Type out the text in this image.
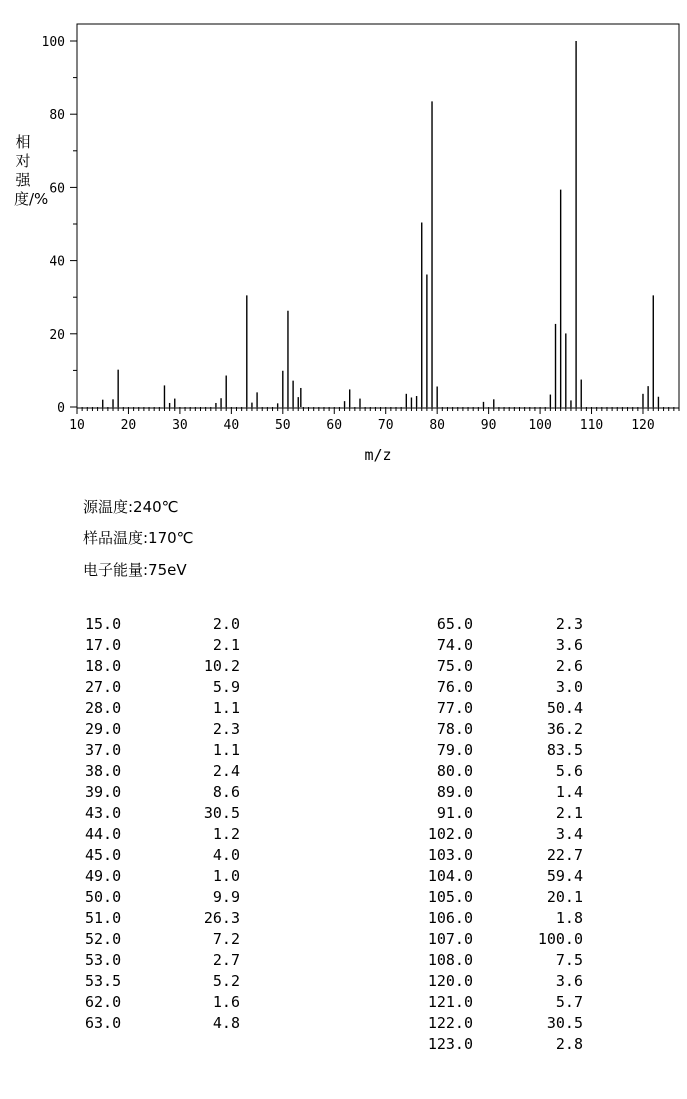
0
20
40
60
80
100
10	20	30	40	50	60	70	80	90 100 110 120
m/z
相对强度/%
源温度:240℃
样品温度:170℃
电子能量:75eV
15.0	2.0
17.0	2.1
18.0	10.2
27.0	5.9
28.0	1.1
29.0	2.3
37.0	1.1
38.0	2.4
39.0	8.6
43.0	30.5
44.0	1.2
45.0	4.0
49.0	1.0
50.0	9.9
51.0	26.3
52.0	7.2
53.0	2.7
53.5	5.2
62.0	1.6
63.0	4.8
65.0	2.3
74.0	3.6
75.0	2.6
76.0	3.0
77.0	50.4
78.0	36.2
79.0	83.5
80.0	5.6
89.0	1.4
91.0	2.1
102.0	3.4
103.0	22.7
104.0	59.4
105.0	20.1
106.0	1.8
107.0	100.0
108.0	7.5
120.0	3.6
121.0	5.7
122.0	30.5
123.0	2.8
